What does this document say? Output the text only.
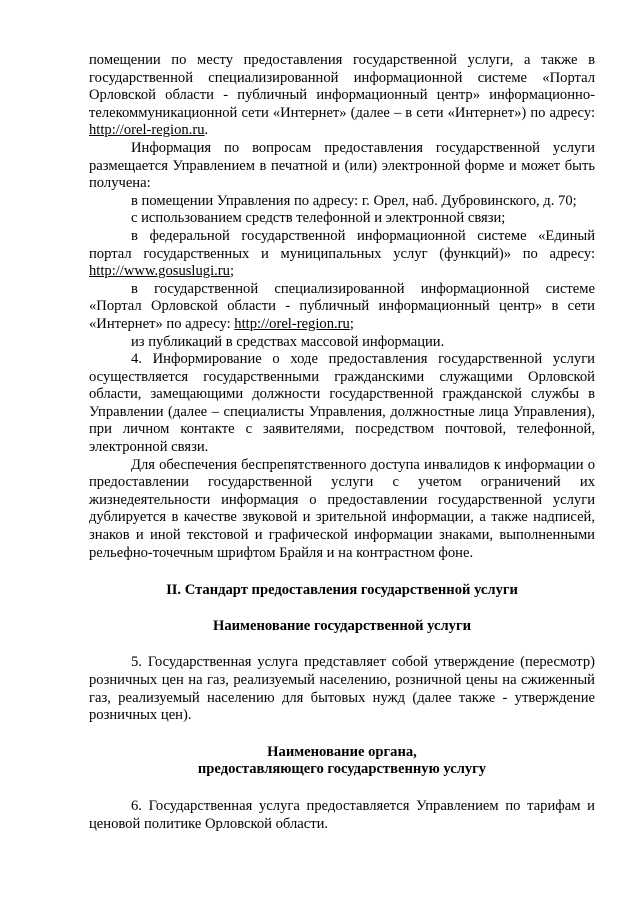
помещении по месту предоставления государственной услуги, а также в государственной специализированной информационной системе «Портал Орловской области - публичный информационный центр» информационно-телекоммуникационной сети «Интернет» (далее – в сети «Интернет») по адресу: http://orel-region.ru.

Информация по вопросам предоставления государственной услуги размещается Управлением в печатной и (или) электронной форме и может быть получена:

в помещении Управления по адресу: г. Орел, наб. Дубровинского, д. 70;

с использованием средств телефонной и электронной связи;

в федеральной государственной информационной системе «Единый портал государственных и муниципальных услуг (функций)» по адресу: http://www.gosuslugi.ru;

в государственной специализированной информационной системе «Портал Орловской области - публичный информационный центр» в сети «Интернет» по адресу: http://orel-region.ru;

из публикаций в средствах массовой информации.

4. Информирование о ходе предоставления государственной услуги осуществляется государственными гражданскими служащими Орловской области, замещающими должности государственной гражданской службы в Управлении (далее – специалисты Управления, должностные лица Управления), при личном контакте с заявителями, посредством почтовой, телефонной, электронной связи.

Для обеспечения беспрепятственного доступа инвалидов к информации о предоставлении государственной услуги с учетом ограничений их жизнедеятельности информация о предоставлении государственной услуги дублируется в качестве звуковой и зрительной информации, а также надписей, знаков и иной текстовой и графической информации знаками, выполненными рельефно-точечным шрифтом Брайля и на контрастном фоне.

II. Стандарт предоставления государственной услуги

Наименование государственной услуги

5. Государственная услуга представляет собой утверждение (пересмотр) розничных цен на газ, реализуемый населению, розничной цены на сжиженный газ, реализуемый населению для бытовых нужд (далее также - утверждение розничных цен).

Наименование органа,

предоставляющего государственную услугу

6. Государственная услуга предоставляется Управлением по тарифам и ценовой политике Орловской области.
